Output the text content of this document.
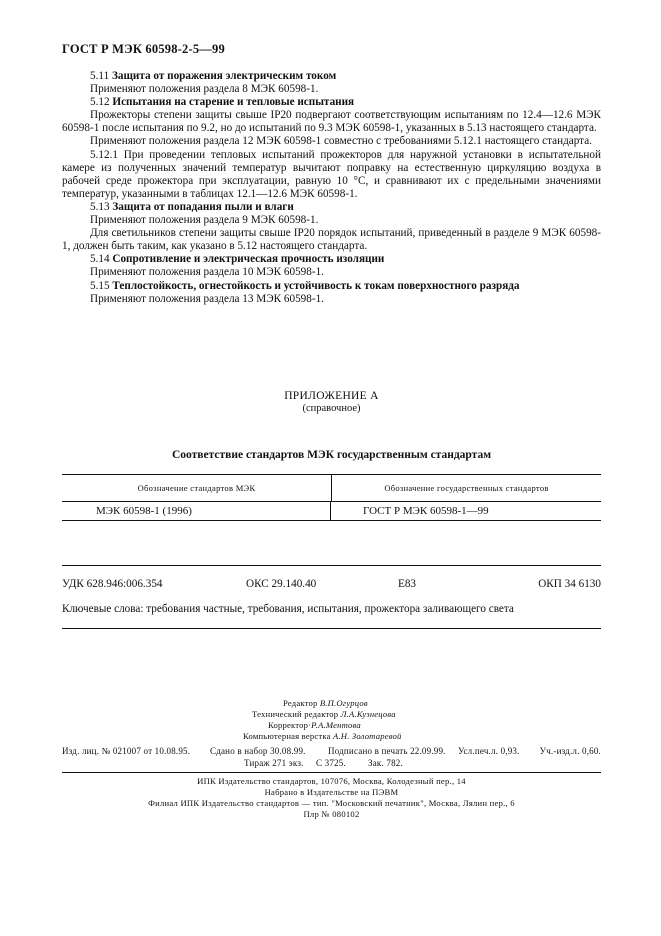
ГОСТ Р МЭК 60598-2-5—99

5.11 Защита от поражения электрическим током

Применяют положения раздела 8 МЭК 60598-1.

5.12 Испытания на старение и тепловые испытания

Прожекторы степени защиты свыше IP20 подвергают соответствующим испытаниям по 12.4—12.6 МЭК 60598-1 после испытания по 9.2, но до испытаний по 9.3 МЭК 60598-1, указанных в 5.13 настоящего стандарта.

Применяют положения раздела 12 МЭК 60598-1 совместно с требованиями 5.12.1 настоящего стандарта.

5.12.1 При проведении тепловых испытаний прожекторов для наружной установки в испытательной камере из полученных значений температур вычитают поправку на естественную циркуляцию воздуха в рабочей среде прожектора при эксплуатации, равную 10 °С, и сравнивают их с предельными значениями температур, указанными в таблицах 12.1—12.6 МЭК 60598-1.

5.13 Защита от попадания пыли и влаги

Применяют положения раздела 9 МЭК 60598-1.

Для светильников степени защиты свыше IP20 порядок испытаний, приведенный в разделе 9 МЭК 60598-1, должен быть таким, как указано в 5.12 настоящего стандарта.

5.14 Сопротивление и электрическая прочность изоляции

Применяют положения раздела 10 МЭК 60598-1.

5.15 Теплостойкость, огнестойкость и устойчивость к токам поверхностного разряда

Применяют положения раздела 13 МЭК 60598-1.

ПРИЛОЖЕНИЕ А
(справочное)
Соответствие стандартов МЭК государственным стандартам
Обозначение стандартов МЭК	Обозначение государственных стандартов
МЭК 60598-1 (1996)	ГОСТ Р МЭК 60598-1—99
УДК 628.946:006.354	ОКС 29.140.40	Е83	ОКП 34 6130
Ключевые слова: требования частные, требования, испытания, прожектора заливающего света
Редактор В.П.Огурцов
Технический редактор Л.А.Кузнецова
Корректор·Р.А.Ментова
Компьютерная верстка А.Н. Золотаревой
Изд. лиц. № 021007 от 10.08.95. Сдано в набор 30.08.99. Подписано в печать 22.09.99. Усл.печ.л. 0,93. Уч.-изд.л. 0,60.
Тираж 271 экз. С 3725. Зак. 782.
ИПК Издательство стандартов, 107076, Москва, Колодезный пер., 14
Набрано в Издательстве на ПЭВМ
Филиал ИПК Издательство стандартов — тип. "Московский печатник", Москва, Лялин пер., 6
Плр № 080102
